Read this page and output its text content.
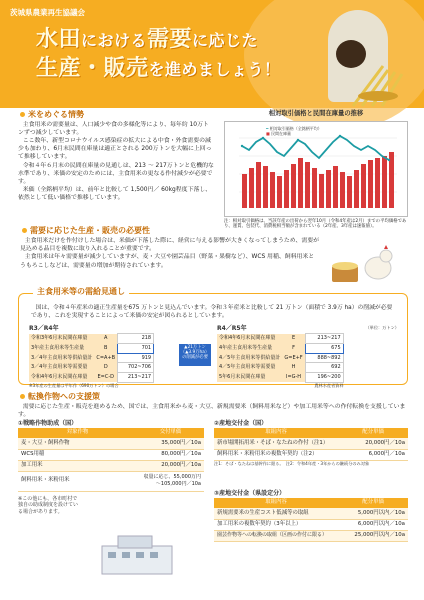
茨城県農業再生協議会
水田における需要に応じた
生産・販売を進めましょう！
米をめぐる情勢

主食用米の需要量は、人口減少や食の多様化等により、毎年約 10万トンずつ減少しています。

ここ数年、新型コロナウイルス感染症の拡大による中食・外食需要の減少も加わり、6月末民間在庫量は適正とされる 200万トンを大幅に上回って推移しています。

令和４年６月末の民間在庫量の見通しは、213 ～ 217万トンと危機的な水準であり、米価の安定のためには、主食用米の更なる作付減少が必要です。

米価（全銘柄平均）は、前年と比較して 1,500円／ 60kg程度下落し、依然として低い価格で推移しています。

相対取引価格と民間在庫量の推移
━ 相対取引価格（全銘柄平均）
■ 民間在庫量
注：相対取引価格は、当該年産の出荷から翌年10月（令和4年産は2月）までの平均価格であり、運賃、包装代、消費税相当額が含まれている（2年産、3年産は速報値）。
需要に応じた生産・販売の必要性

主食用米だけを作付けした場合は、米価が下落した際に、経営に与える影響が大きくなってしまうため、需要が見込める品目を複数に取り入れることが重要です。

主食用米は年々需要量が減少していますが、麦・大豆や園芸品目（野菜・果樹など）、WCS 用稲、飼料用米とうもろこしなどは、需要量の増加が期待されています。

主食用米等の需給見通し

国は、令和４年産米の適正生産量を675 万トンと見込んでいます。令和３年産米と比較して 21 万トン（面積で 3.9万 ha）の削減が必要であり、これを実現することによって米価の安定が図られるとしています。

R3／R4年
令和3年6月末民間在庫量	A	218
3年産主食用米等生産量	B	701
3／4年主食用米等供給量計	C=A+B	919
3／4年主食用米等需要量	D	702~706
令和4年6月末民間在庫量	E=C-D	213~217
※3年産の生産量は平年作（690万トン）の場合
▲21万トン（▲3.9万ha）の削減が必要
R4／R5年
令和4年6月末民間在庫量	E	213~217
4年産主食用米等生産量	F	675
4／5年主食用米等供給量計	G=E+F	888~892
4／5年主食用米等需要量	H	692
5年6月末民間在庫量	I=G-H	196~200
農林水産省資料
（単位：万トン）
転換作物への支援策

需要に応じた生産・販売を進めるため、国では、主食用米から麦・大豆、新規需要米（飼料用米など）や加工用米等への作付転換を支援しています。

①戦略作物助成（国）
対象作物	交付単価
麦・大豆・飼料作物	35,000円／10a
WCS用稲	80,000円／10a
加工用米	20,000円／10a
飼料用米・米粉用米	収量に応じ、55,000万円～105,000円／10a
※この他にも、各市町村で独自の助成制度を設けている場合があります。
②産地交付金（国）
取組内容	配分単価
新市場開拓用米・そば・なたねの作付（注1）	20,000円／10a
飼料用米・米粉用米の複数年契約（注2）	6,000円／10a
注1：そば・なたねは基幹作に限る。　注2：令和4年産・3年からの継続分のみ対象
③産地交付金（県設定分）
取組内容	配分単価
新規需要米の生産コスト低減等の取組	5,000円以内／10a
加工用米の複数年契約（3年以上）	6,000円以内／10a
園芸作物等への転換の取組（区画の作付に限る）	25,000円以内／10a
